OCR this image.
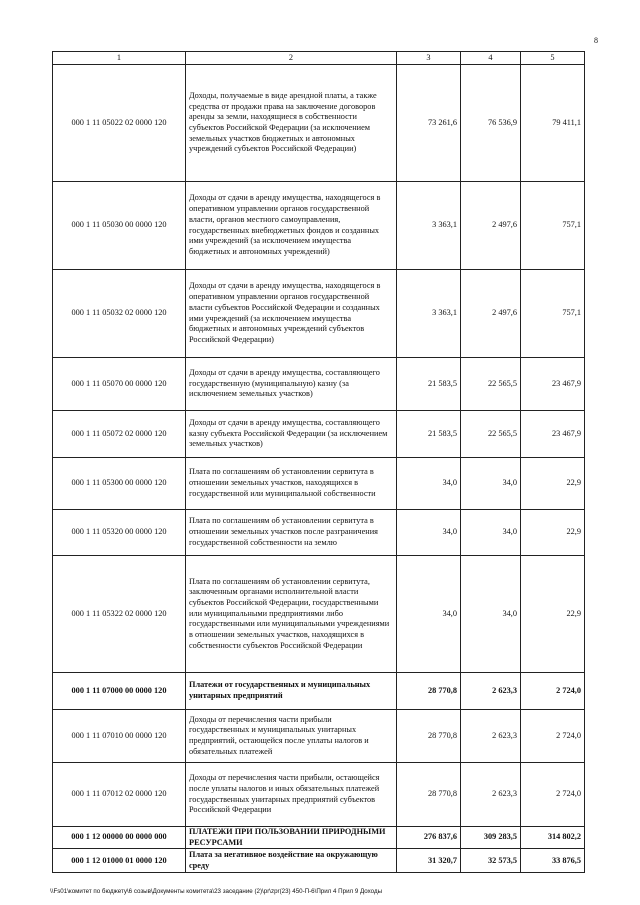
8
1	2	3	4	5
000 1 11 05022 02 0000 120	Доходы, получаемые в виде арендной платы, а также средства от продажи права на заключение договоров аренды за земли, находящиеся в собственности субъектов Российской Федерации (за исключением земельных участков бюджетных и автономных учреждений субъектов Российской Федерации)	73 261,6	76 536,9	79 411,1
000 1 11 05030 00 0000 120	Доходы от сдачи в аренду имущества, находящегося в оперативном управлении органов государственной власти, органов местного самоуправления, государственных внебюджетных фондов и созданных ими учреждений (за исключением имущества бюджетных и автономных учреждений)	3 363,1	2 497,6	757,1
000 1 11 05032 02 0000 120	Доходы от сдачи в аренду имущества, находящегося в оперативном управлении органов государственной власти субъектов Российской Федерации и созданных ими учреждений (за исключением имущества бюджетных и автономных учреждений субъектов Российской Федерации)	3 363,1	2 497,6	757,1
000 1 11 05070 00 0000 120	Доходы от сдачи в аренду имущества, составляющего государственную (муниципальную) казну (за исключением земельных участков)	21 583,5	22 565,5	23 467,9
000 1 11 05072 02 0000 120	Доходы от сдачи в аренду имущества, составляющего казну субъекта Российской Федерации (за исключением земельных участков)	21 583,5	22 565,5	23 467,9
000 1 11 05300 00 0000 120	Плата по соглашениям об установлении сервитута в отношении земельных участков, находящихся в государственной или муниципальной собственности	34,0	34,0	22,9
000 1 11 05320 00 0000 120	Плата по соглашениям об установлении сервитута в отношении земельных участков после разграничения государственной собственности на землю	34,0	34,0	22,9
000 1 11 05322 02 0000 120	Плата по соглашениям об установлении сервитута, заключенным органами исполнительной власти субъектов Российской Федерации, государственными или муниципальными предприятиями либо государственными или муниципальными учреждениями в отношении земельных участков, находящихся в собственности субъектов Российской Федерации	34,0	34,0	22,9
000 1 11 07000 00 0000 120	Платежи от государственных и муниципальных унитарных предприятий	28 770,8	2 623,3	2 724,0
000 1 11 07010 00 0000 120	Доходы от перечисления части прибыли государственных и муниципальных унитарных предприятий, остающейся после уплаты налогов и обязательных платежей	28 770,8	2 623,3	2 724,0
000 1 11 07012 02 0000 120	Доходы от перечисления части прибыли, остающейся после уплаты налогов и иных обязательных платежей государственных унитарных предприятий субъектов Российской Федерации	28 770,8	2 623,3	2 724,0
000 1 12 00000 00 0000 000	ПЛАТЕЖИ ПРИ ПОЛЬЗОВАНИИ ПРИРОДНЫМИ РЕСУРСАМИ	276 837,6	309 283,5	314 802,2
000 1 12 01000 01 0000 120	Плата за негативное воздействие на окружающую среду	31 320,7	32 573,5	33 876,5
\\Fs01\комитет по бюджету\6 созыв\Документы комитета\23 заседание (2)\pr\zpr(23) 450-П-6\Прил 4 Прил 9 Доходы
